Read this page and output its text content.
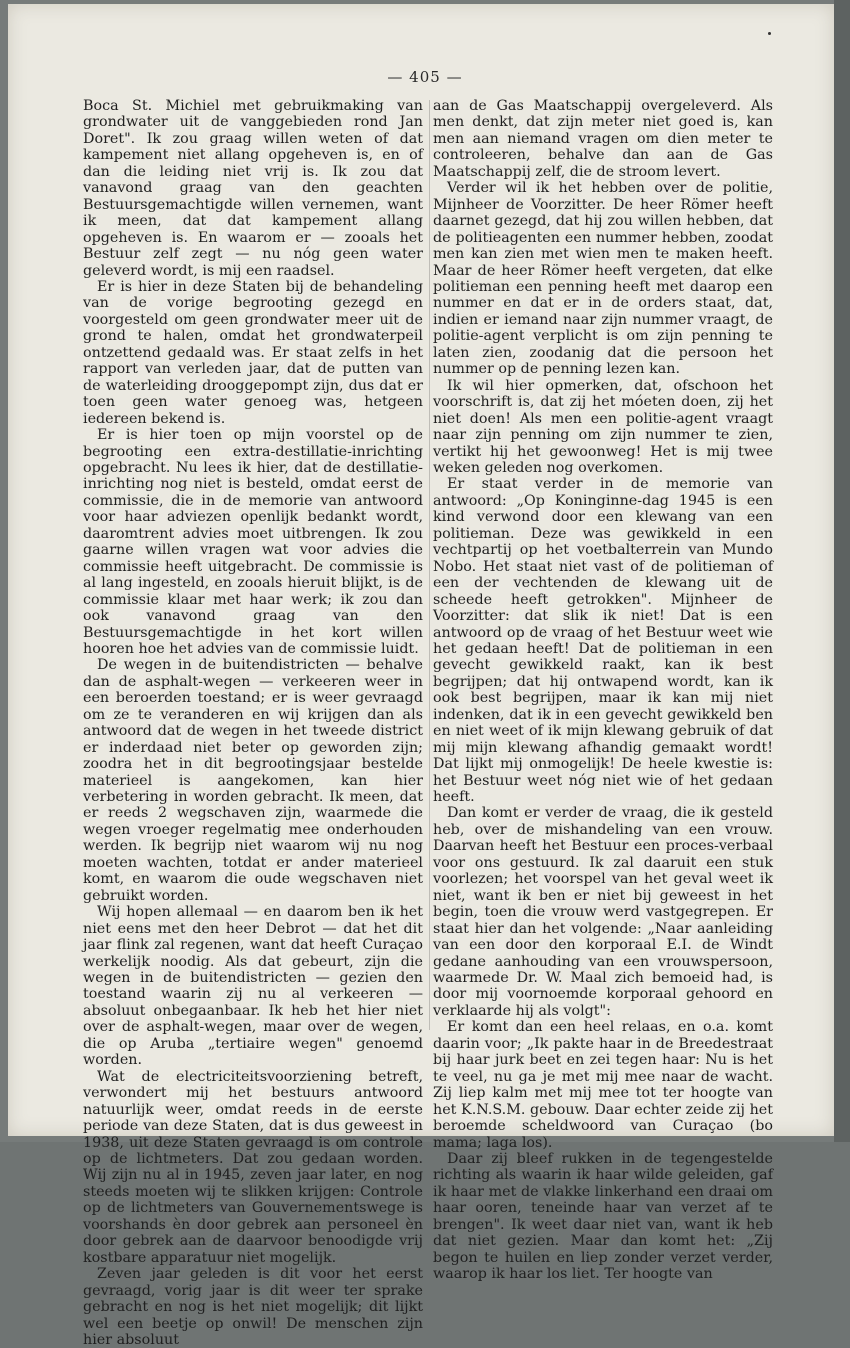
— 405 —

Boca St. Michiel met gebruikmaking van grondwater uit de vanggebieden rond Jan Doret". Ik zou graag willen weten of dat kampement niet allang opgeheven is, en of dan die leiding niet vrij is. Ik zou dat vanavond graag van den geachten Bestuursgemachtigde willen vernemen, want ik meen, dat dat kampement allang opgeheven is. En waarom er — zooals het Bestuur zelf zegt — nu nóg geen water geleverd wordt, is mij een raadsel.

Er is hier in deze Staten bij de behandeling van de vorige begrooting gezegd en voorgesteld om geen grondwater meer uit de grond te halen, omdat het grondwaterpeil ontzettend gedaald was. Er staat zelfs in het rapport van verleden jaar, dat de putten van de waterleiding drooggepompt zijn, dus dat er toen geen water genoeg was, hetgeen iedereen bekend is.

Er is hier toen op mijn voorstel op de begrooting een extra-destillatie-inrichting opgebracht. Nu lees ik hier, dat de destillatie-inrichting nog niet is besteld, omdat eerst de commissie, die in de memorie van antwoord voor haar adviezen openlijk bedankt wordt, daaromtrent advies moet uitbrengen. Ik zou gaarne willen vragen wat voor advies die commissie heeft uitgebracht. De commissie is al lang ingesteld, en zooals hieruit blijkt, is de commissie klaar met haar werk; ik zou dan ook vanavond graag van den Bestuursgemachtigde in het kort willen hooren hoe het advies van de commissie luidt.

De wegen in de buitendistricten — behalve dan de asphalt-wegen — verkeeren weer in een beroerden toestand; er is weer gevraagd om ze te veranderen en wij krijgen dan als antwoord dat de wegen in het tweede district er inderdaad niet beter op geworden zijn; zoodra het in dit begrootingsjaar bestelde materieel is aangekomen, kan hier verbetering in worden gebracht. Ik meen, dat er reeds 2 wegschaven zijn, waarmede die wegen vroeger regelmatig mee onderhouden werden. Ik begrijp niet waarom wij nu nog moeten wachten, totdat er ander materieel komt, en waarom die oude wegschaven niet gebruikt worden.

Wij hopen allemaal — en daarom ben ik het niet eens met den heer Debrot — dat het dit jaar flink zal regenen, want dat heeft Curaçao werkelijk noodig. Als dat gebeurt, zijn die wegen in de buitendistricten — gezien den toestand waarin zij nu al verkeeren — absoluut onbegaanbaar. Ik heb het hier niet over de asphalt-wegen, maar over de wegen, die op Aruba „tertiaire wegen" genoemd worden.

Wat de electriciteitsvoorziening betreft, verwondert mij het bestuurs antwoord natuurlijk weer, omdat reeds in de eerste periode van deze Staten, dat is dus geweest in 1938, uit deze Staten gevraagd is om controle op de lichtmeters. Dat zou gedaan worden. Wij zijn nu al in 1945, zeven jaar later, en nog steeds moeten wij te slikken krijgen: Controle op de lichtmeters van Gouvernementswege is voorshands èn door gebrek aan personeel èn door gebrek aan de daarvoor benoodigde vrij kostbare apparatuur niet mogelijk.

Zeven jaar geleden is dit voor het eerst gevraagd, vorig jaar is dit weer ter sprake gebracht en nog is het niet mogelijk; dit lijkt wel een beetje op onwil! De menschen zijn hier absoluut

aan de Gas Maatschappij overgeleverd. Als men denkt, dat zijn meter niet goed is, kan men aan niemand vragen om dien meter te controleeren, behalve dan aan de Gas Maatschappij zelf, die de stroom levert.

Verder wil ik het hebben over de politie, Mijnheer de Voorzitter. De heer Römer heeft daarnet gezegd, dat hij zou willen hebben, dat de politieagenten een nummer hebben, zoodat men kan zien met wien men te maken heeft. Maar de heer Römer heeft vergeten, dat elke politieman een penning heeft met daarop een nummer en dat er in de orders staat, dat, indien er iemand naar zijn nummer vraagt, de politie-agent verplicht is om zijn penning te laten zien, zoodanig dat die persoon het nummer op de penning lezen kan.

Ik wil hier opmerken, dat, ofschoon het voorschrift is, dat zij het móeten doen, zij het niet doen! Als men een politie-agent vraagt naar zijn penning om zijn nummer te zien, vertikt hij het gewoonweg! Het is mij twee weken geleden nog overkomen.

Er staat verder in de memorie van antwoord: „Op Koninginne-dag 1945 is een kind verwond door een klewang van een politieman. Deze was gewikkeld in een vechtpartij op het voetbalterrein van Mundo Nobo. Het staat niet vast of de politieman of een der vechtenden de klewang uit de scheede heeft getrokken". Mijnheer de Voorzitter: dat slik ik niet! Dat is een antwoord op de vraag of het Bestuur weet wie het gedaan heeft! Dat de politieman in een gevecht gewikkeld raakt, kan ik best begrijpen; dat hij ontwapend wordt, kan ik ook best begrijpen, maar ik kan mij niet indenken, dat ik in een gevecht gewikkeld ben en niet weet of ik mijn klewang gebruik of dat mij mijn klewang afhandig gemaakt wordt! Dat lijkt mij onmogelijk! De heele kwestie is: het Bestuur weet nóg niet wie of het gedaan heeft.

Dan komt er verder de vraag, die ik gesteld heb, over de mishandeling van een vrouw. Daarvan heeft het Bestuur een proces-verbaal voor ons gestuurd. Ik zal daaruit een stuk voorlezen; het voorspel van het geval weet ik niet, want ik ben er niet bij geweest in het begin, toen die vrouw werd vastgegrepen. Er staat hier dan het volgende: „Naar aanleiding van een door den korporaal E.I. de Windt gedane aanhouding van een vrouwspersoon, waarmede Dr. W. Maal zich bemoeid had, is door mij voornoemde korporaal gehoord en verklaarde hij als volgt":

Er komt dan een heel relaas, en o.a. komt daarin voor; „Ik pakte haar in de Breedestraat bij haar jurk beet en zei tegen haar: Nu is het te veel, nu ga je met mij mee naar de wacht. Zij liep kalm met mij mee tot ter hoogte van het K.N.S.M. gebouw. Daar echter zeide zij het beroemde scheldwoord van Curaçao (bo mama; laga los).

Daar zij bleef rukken in de tegengestelde richting als waarin ik haar wilde geleiden, gaf ik haar met de vlakke linkerhand een draai om haar ooren, teneinde haar van verzet af te brengen". Ik weet daar niet van, want ik heb dat niet gezien. Maar dan komt het: „Zij begon te huilen en liep zonder verzet verder, waarop ik haar los liet. Ter hoogte van
